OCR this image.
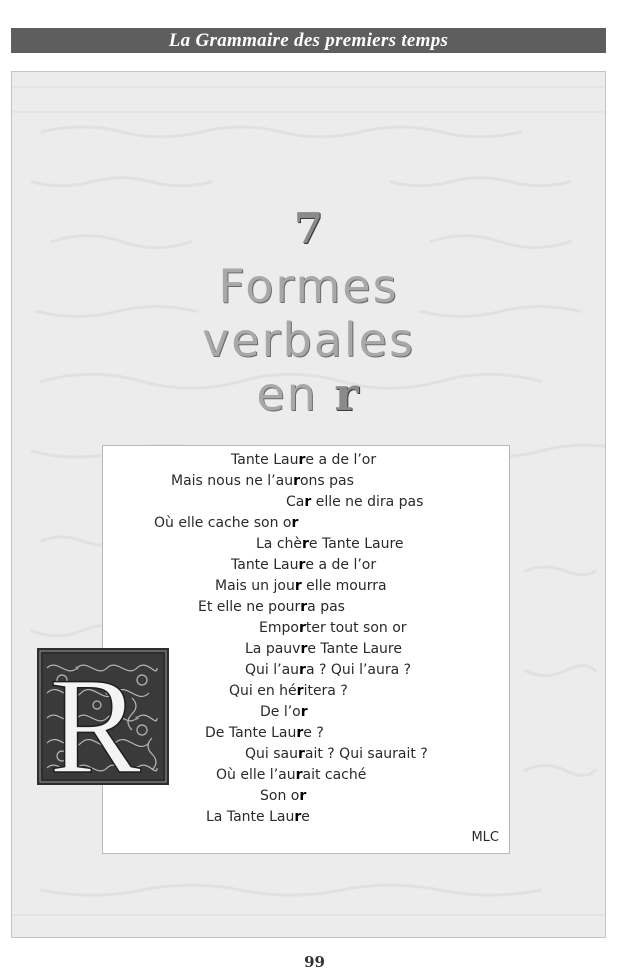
La Grammaire des premiers temps
7
Formes
verbales
en r
Tante Laure a de l’or
Mais nous ne l’aurons pas
Car elle ne dira pas
Où elle cache son or
La chère Tante Laure
Tante Laure a de l’or
Mais un jour elle mourra
Et elle ne pourra pas
Emporter tout son or
La pauvre Tante Laure
Qui l’aura ? Qui l’aura ?
Qui en héritera ?
De l’or
De Tante Laure ?
Qui saurait ? Qui saurait ?
Où elle l’aurait caché
Son or
La Tante Laure
MLC
R
99
